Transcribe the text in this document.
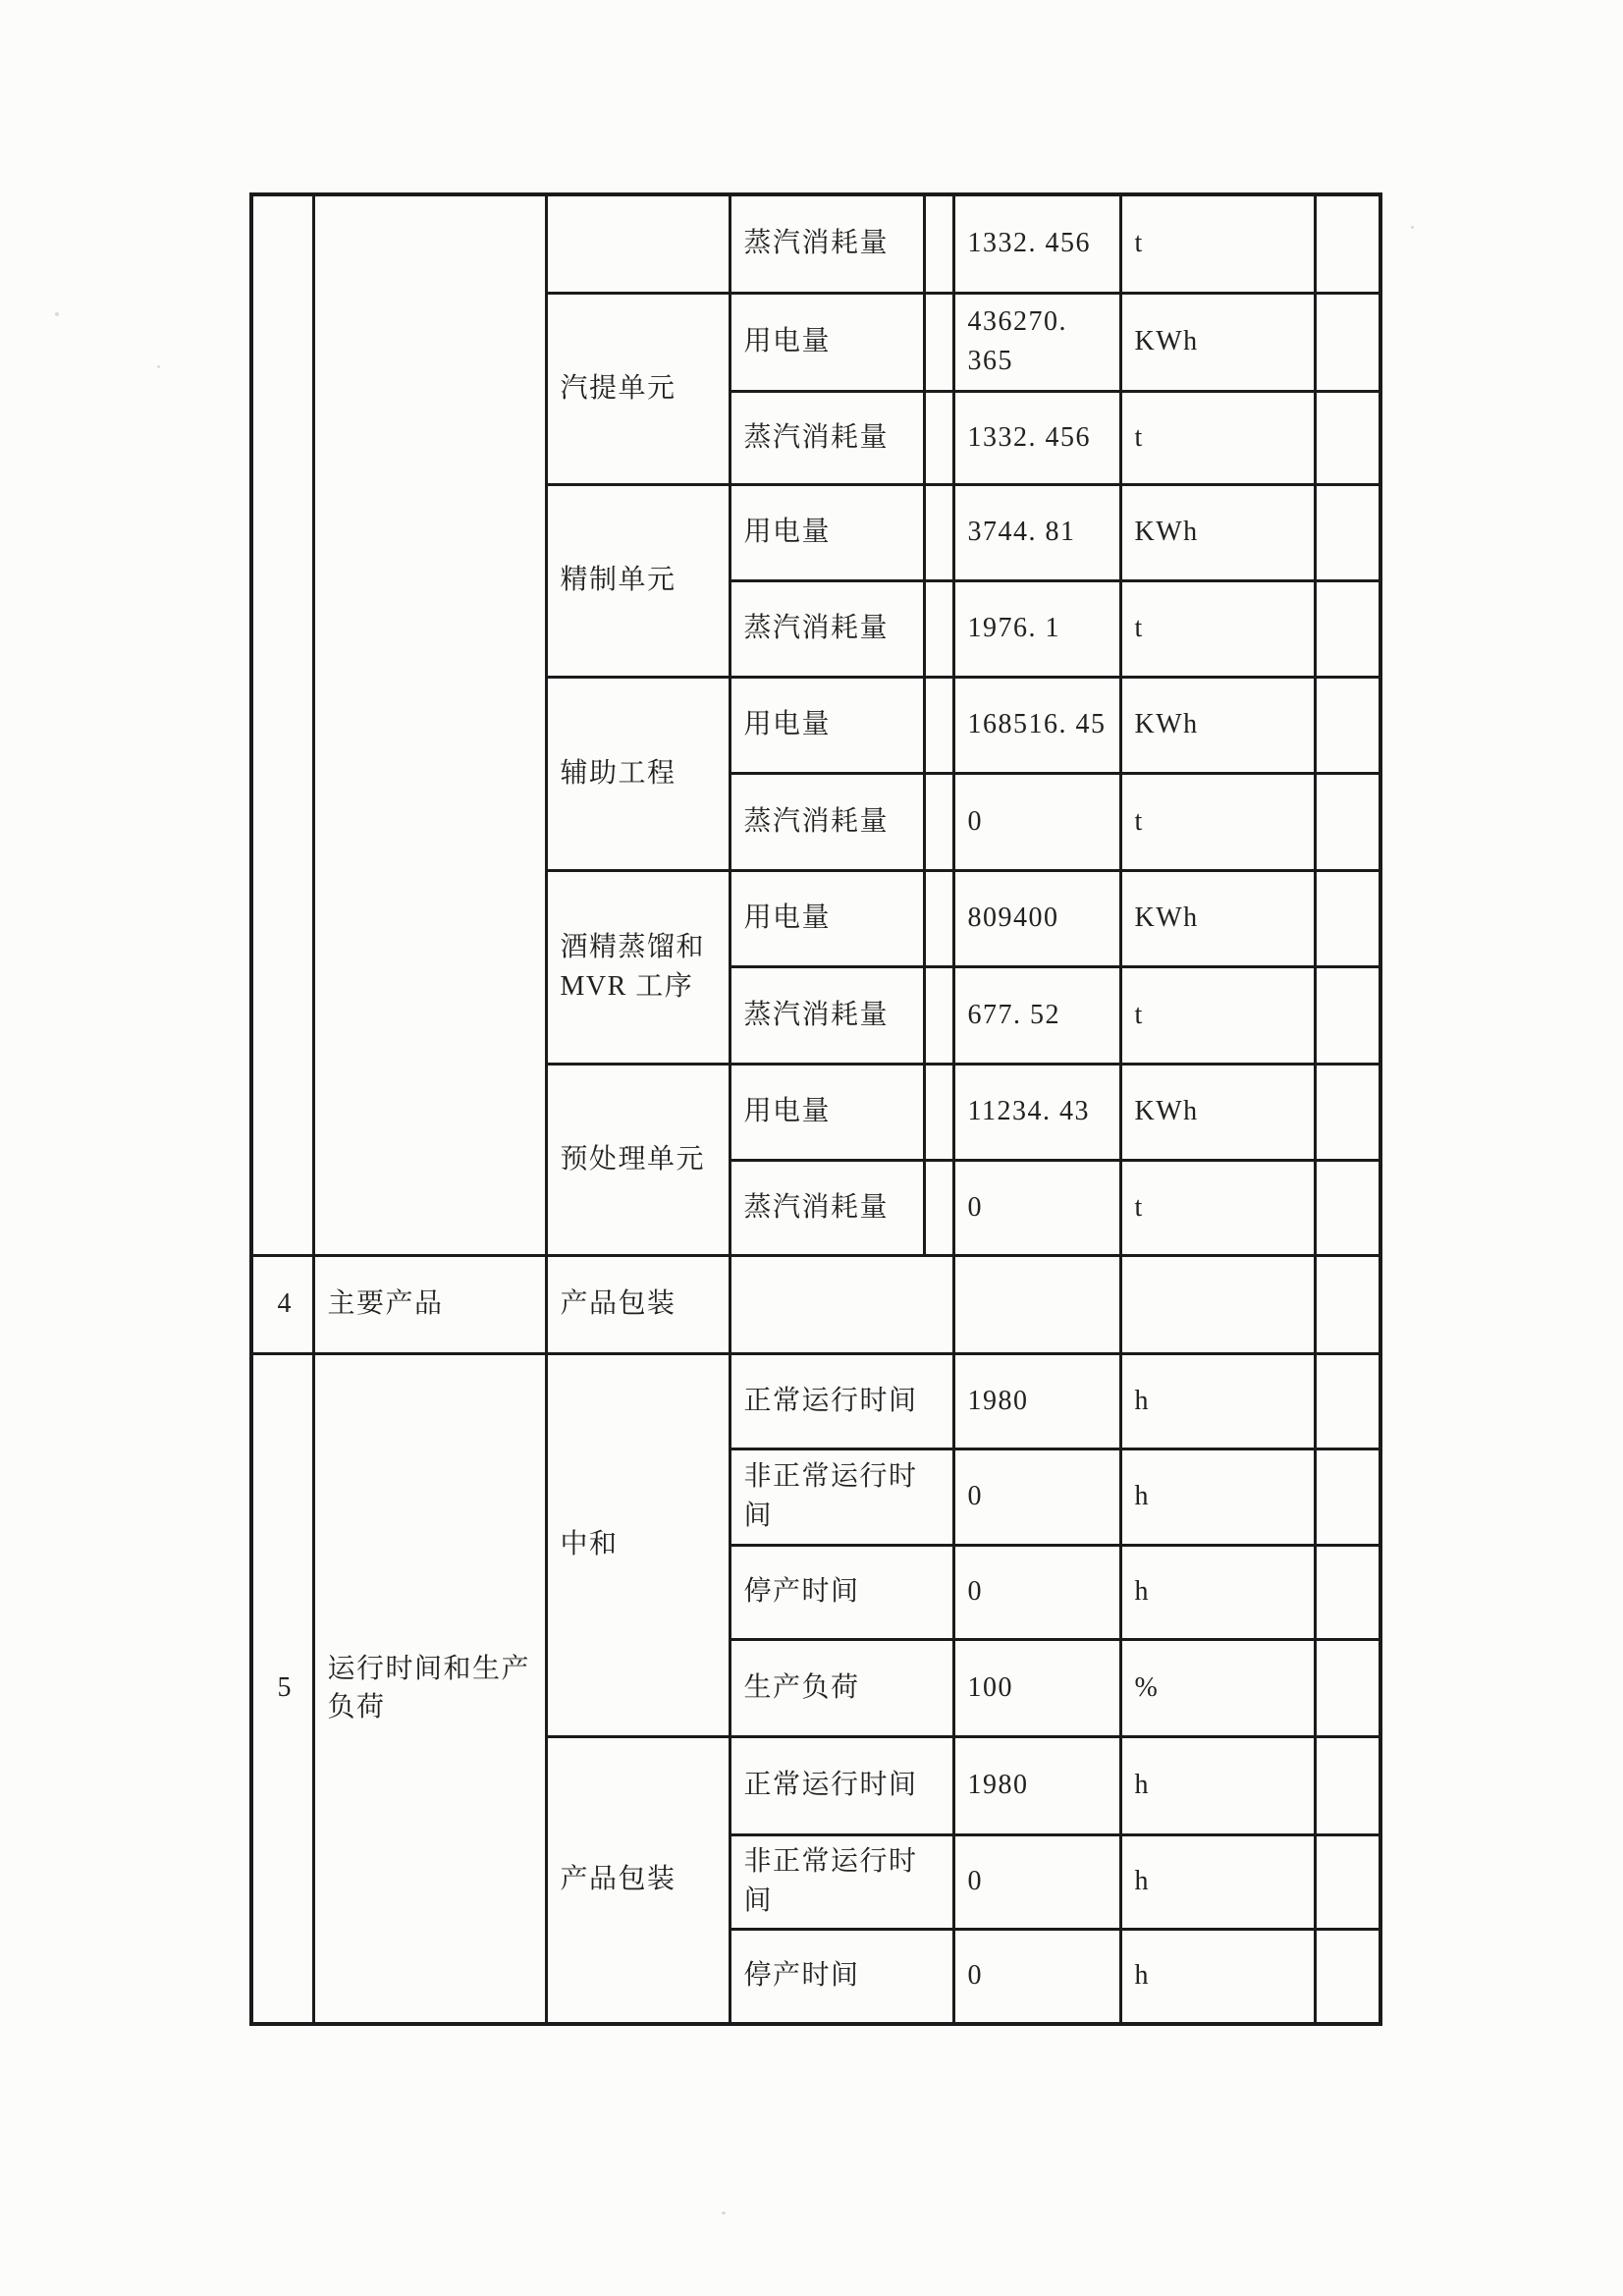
			蒸汽消耗量		1332. 456	t	
		汽提单元	用电量		436270. 365	KWh	
			蒸汽消耗量		1332. 456	t	
		精制单元	用电量		3744. 81	KWh	
			蒸汽消耗量		1976. 1	t	
		辅助工程	用电量		168516. 45	KWh	
			蒸汽消耗量		0	t	
		酒精蒸馏和MVR 工序	用电量		809400	KWh	
			蒸汽消耗量		677. 52	t	
		预处理单元	用电量		11234. 43	KWh	
			蒸汽消耗量		0	t	
4	主要产品	产品包装					
5	运行时间和生产负荷	中和	正常运行时间		1980	h	
			非正常运行时间		0	h	
			停产时间		0	h	
			生产负荷		100	%	
		产品包装	正常运行时间		1980	h	
			非正常运行时间		0	h	
			停产时间		0	h	
